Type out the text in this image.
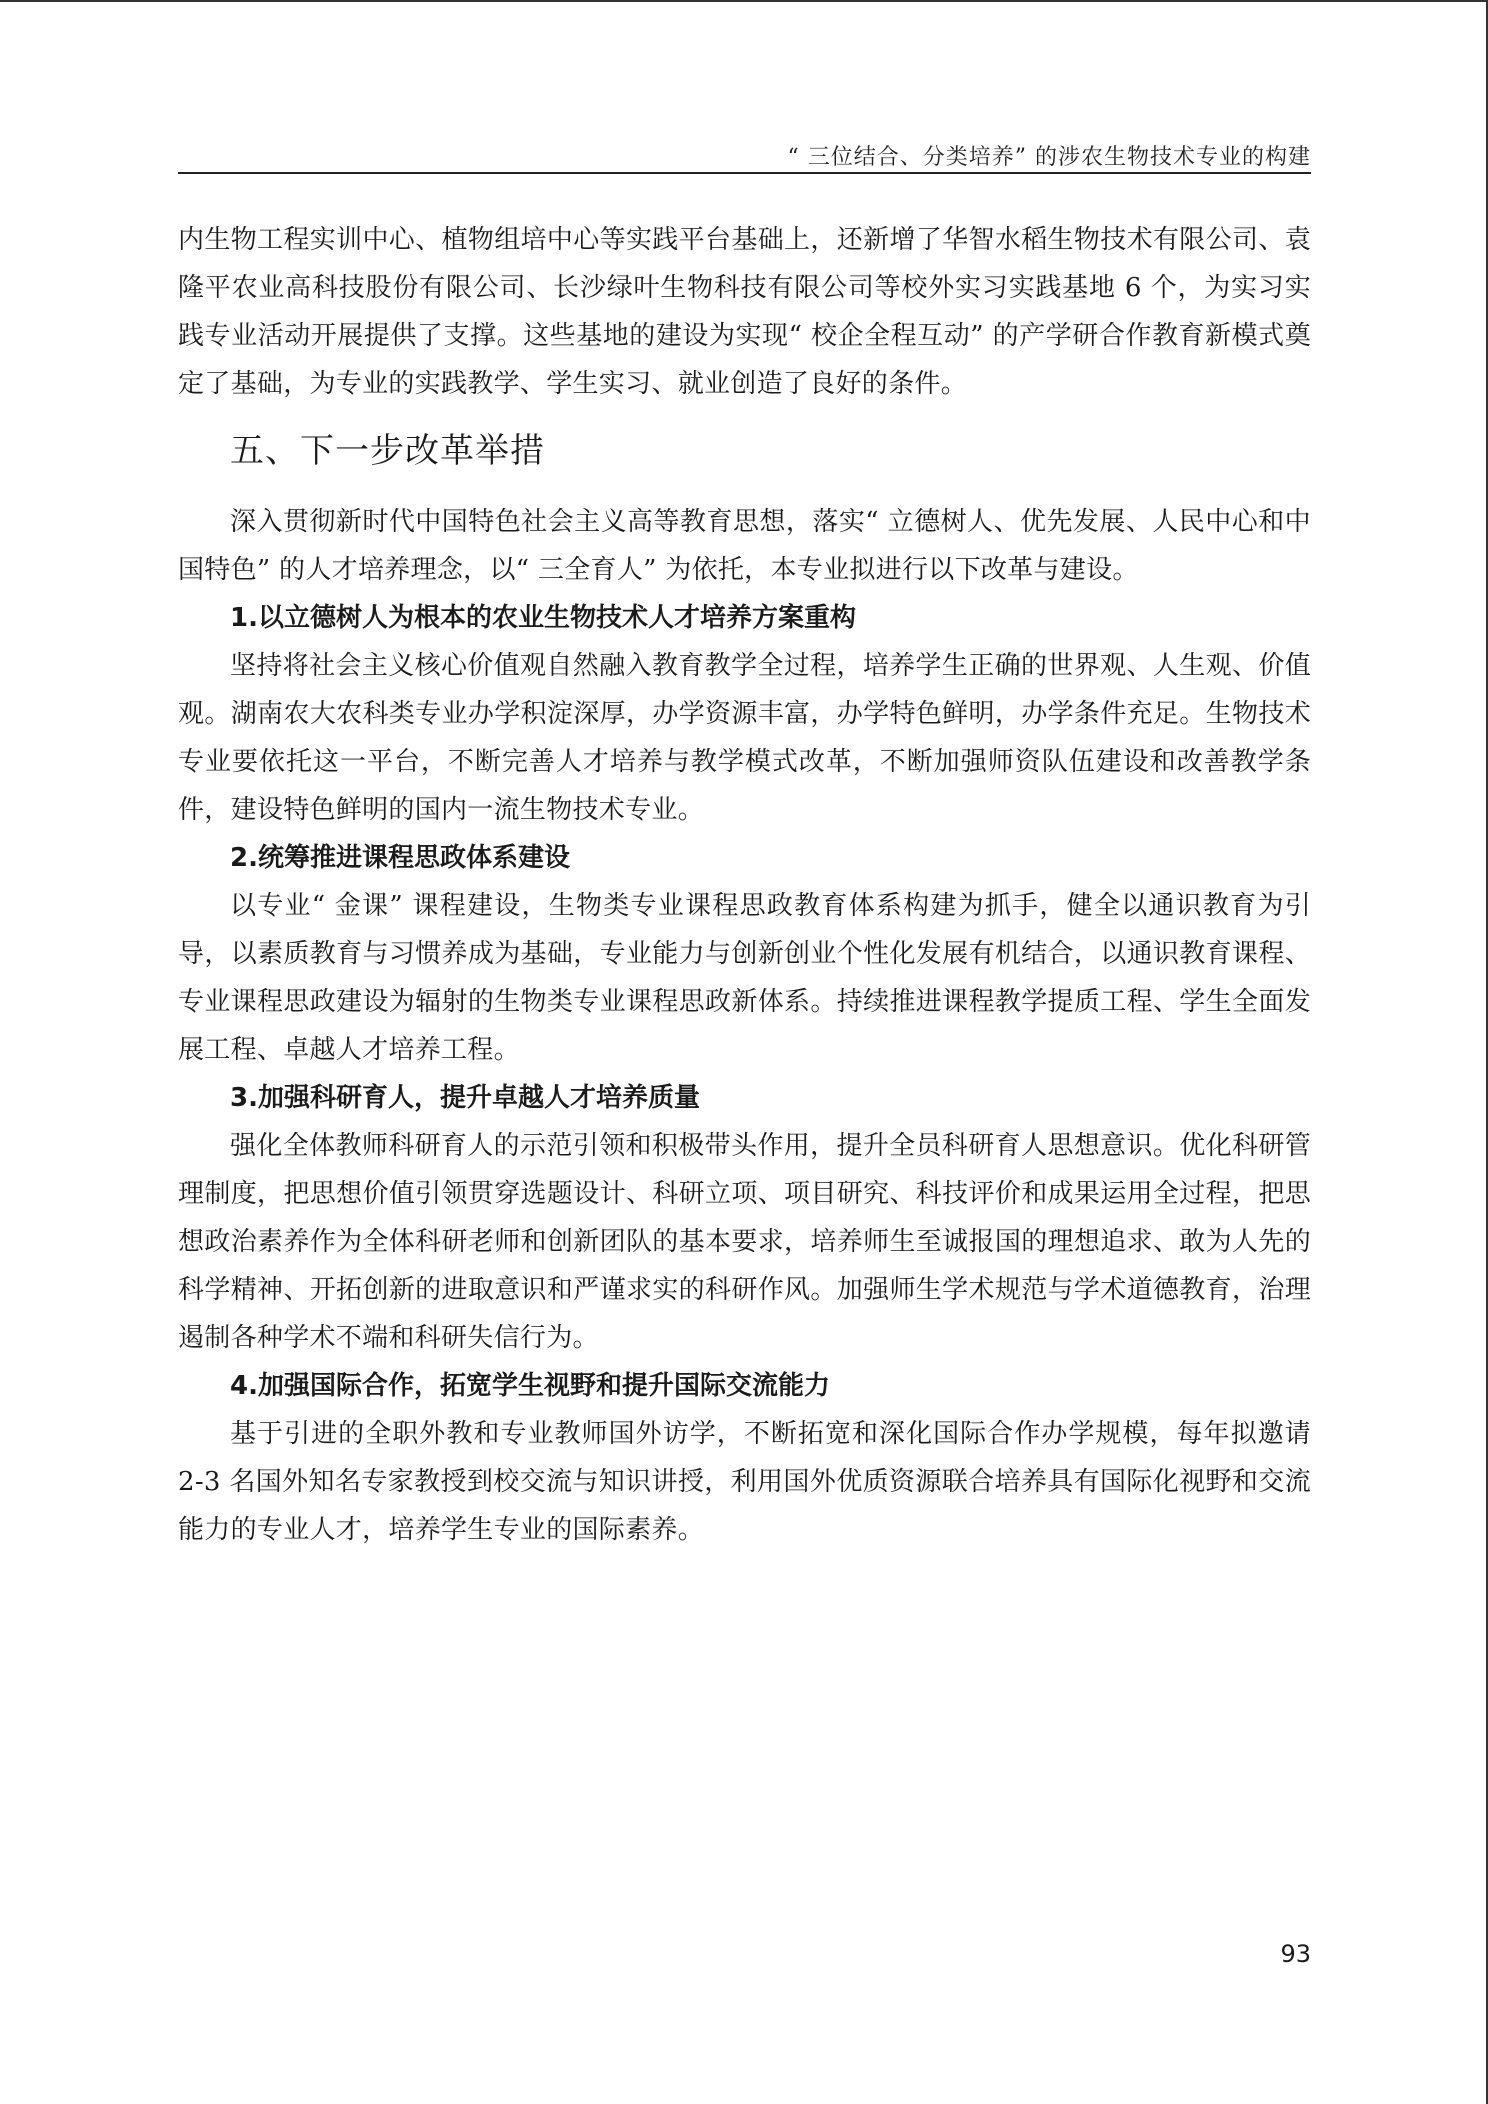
“ 三位结合、分类培养” 的涉农生物技术专业的构建

内生物工程实训中心、植物组培中心等实践平台基础上，还新增了华智水稻生物技术有限公司、袁隆平农业高科技股份有限公司、长沙绿叶生物科技有限公司等校外实习实践基地 6 个，为实习实践专业活动开展提供了支撑。这些基地的建设为实现“ 校企全程互动” 的产学研合作教育新模式奠定了基础，为专业的实践教学、学生实习、就业创造了良好的条件。

五、下一步改革举措

深入贯彻新时代中国特色社会主义高等教育思想，落实“ 立德树人、优先发展、人民中心和中国特色” 的人才培养理念，以“ 三全育人” 为依托，本专业拟进行以下改革与建设。

1.以立德树人为根本的农业生物技术人才培养方案重构

坚持将社会主义核心价值观自然融入教育教学全过程，培养学生正确的世界观、人生观、价值观。湖南农大农科类专业办学积淀深厚，办学资源丰富，办学特色鲜明，办学条件充足。生物技术专业要依托这一平台，不断完善人才培养与教学模式改革，不断加强师资队伍建设和改善教学条件，建设特色鲜明的国内一流生物技术专业。

2.统筹推进课程思政体系建设

以专业“ 金课” 课程建设，生物类专业课程思政教育体系构建为抓手，健全以通识教育为引导，以素质教育与习惯养成为基础，专业能力与创新创业个性化发展有机结合，以通识教育课程、专业课程思政建设为辐射的生物类专业课程思政新体系。持续推进课程教学提质工程、学生全面发展工程、卓越人才培养工程。

3.加强科研育人，提升卓越人才培养质量

强化全体教师科研育人的示范引领和积极带头作用，提升全员科研育人思想意识。优化科研管理制度，把思想价值引领贯穿选题设计、科研立项、项目研究、科技评价和成果运用全过程，把思想政治素养作为全体科研老师和创新团队的基本要求，培养师生至诚报国的理想追求、敢为人先的科学精神、开拓创新的进取意识和严谨求实的科研作风。加强师生学术规范与学术道德教育，治理遏制各种学术不端和科研失信行为。

4.加强国际合作，拓宽学生视野和提升国际交流能力

基于引进的全职外教和专业教师国外访学，不断拓宽和深化国际合作办学规模，每年拟邀请 2-3 名国外知名专家教授到校交流与知识讲授，利用国外优质资源联合培养具有国际化视野和交流能力的专业人才，培养学生专业的国际素养。

93
